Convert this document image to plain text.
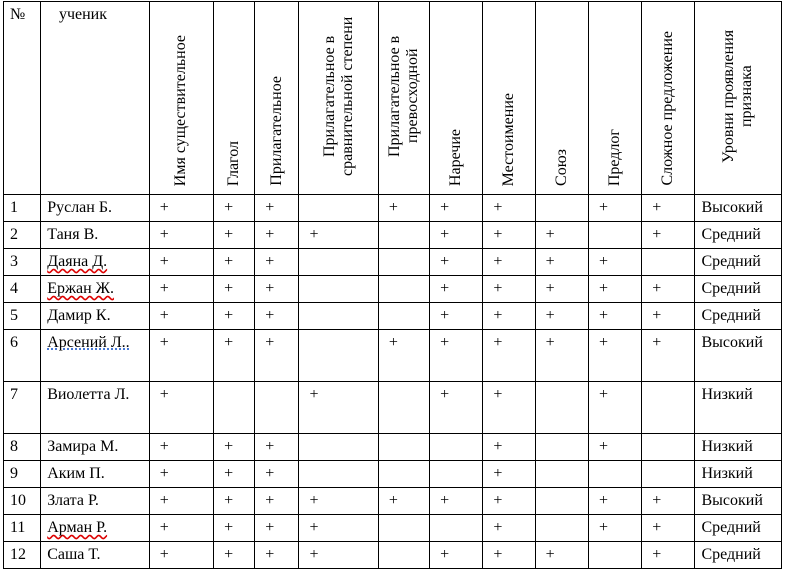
№	ученик	Имя существительное	Глагол	Прилагательное	Прилагательное в сравнительной степени	Прилагательное в превосходной	Наречие	Местоимение	Союз	Предлог	Сложное предложение	Уровни проявления признака

1	Руслан Б.	+	+	+		+	+	+		+	+	Высокий
2	Таня В.	+	+	+	+		+	+	+		+	Средний
3	Даяна Д.	+	+	+			+	+	+	+		Средний
4	Ержан Ж.	+	+	+			+	+	+	+	+	Средний
5	Дамир К.	+	+	+			+	+	+	+	+	Средний
6	Арсений Л..	+	+	+		+	+	+	+	+	+	Высокий
7	Виолетта Л.	+			+		+	+		+		Низкий
8	Замира М.	+	+	+				+		+		Низкий
9	Аким П.	+	+	+				+				Низкий
10	Злата Р.	+	+	+	+	+	+	+		+	+	Высокий
11	Арман Р.	+	+	+	+			+		+	+	Средний
12	Саша Т.	+	+	+	+		+	+	+		+	Средний
